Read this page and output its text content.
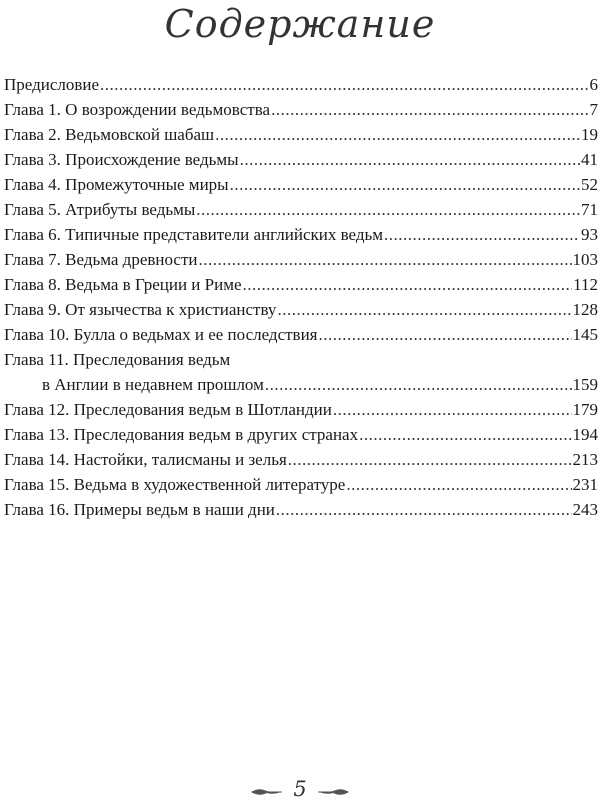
Содержание
Предисловие .....	6
Глава 1. О возрождении ведьмовства .....	7
Глава 2. Ведьмовской шабаш .....	19
Глава 3. Происхождение ведьмы .....	41
Глава 4. Промежуточные миры .....	52
Глава 5. Атрибуты ведьмы .....	71
Глава 6. Типичные представители английских ведьм .....	93
Глава 7. Ведьма древности .....	103
Глава 8. Ведьма в Греции и Риме .....	112
Глава 9. От язычества к христианству .....	128
Глава 10. Булла о ведьмах и ее последствия .....	145
Глава 11. Преследования ведьм
в Англии в недавнем прошлом .....	159
Глава 12. Преследования ведьм в Шотландии .....	179
Глава 13. Преследования ведьм в других странах .....	194
Глава 14. Настойки, талисманы и зелья .....	213
Глава 15. Ведьма в художественной литературе .....	231
Глава 16. Примеры ведьм в наши дни .....	243
5
